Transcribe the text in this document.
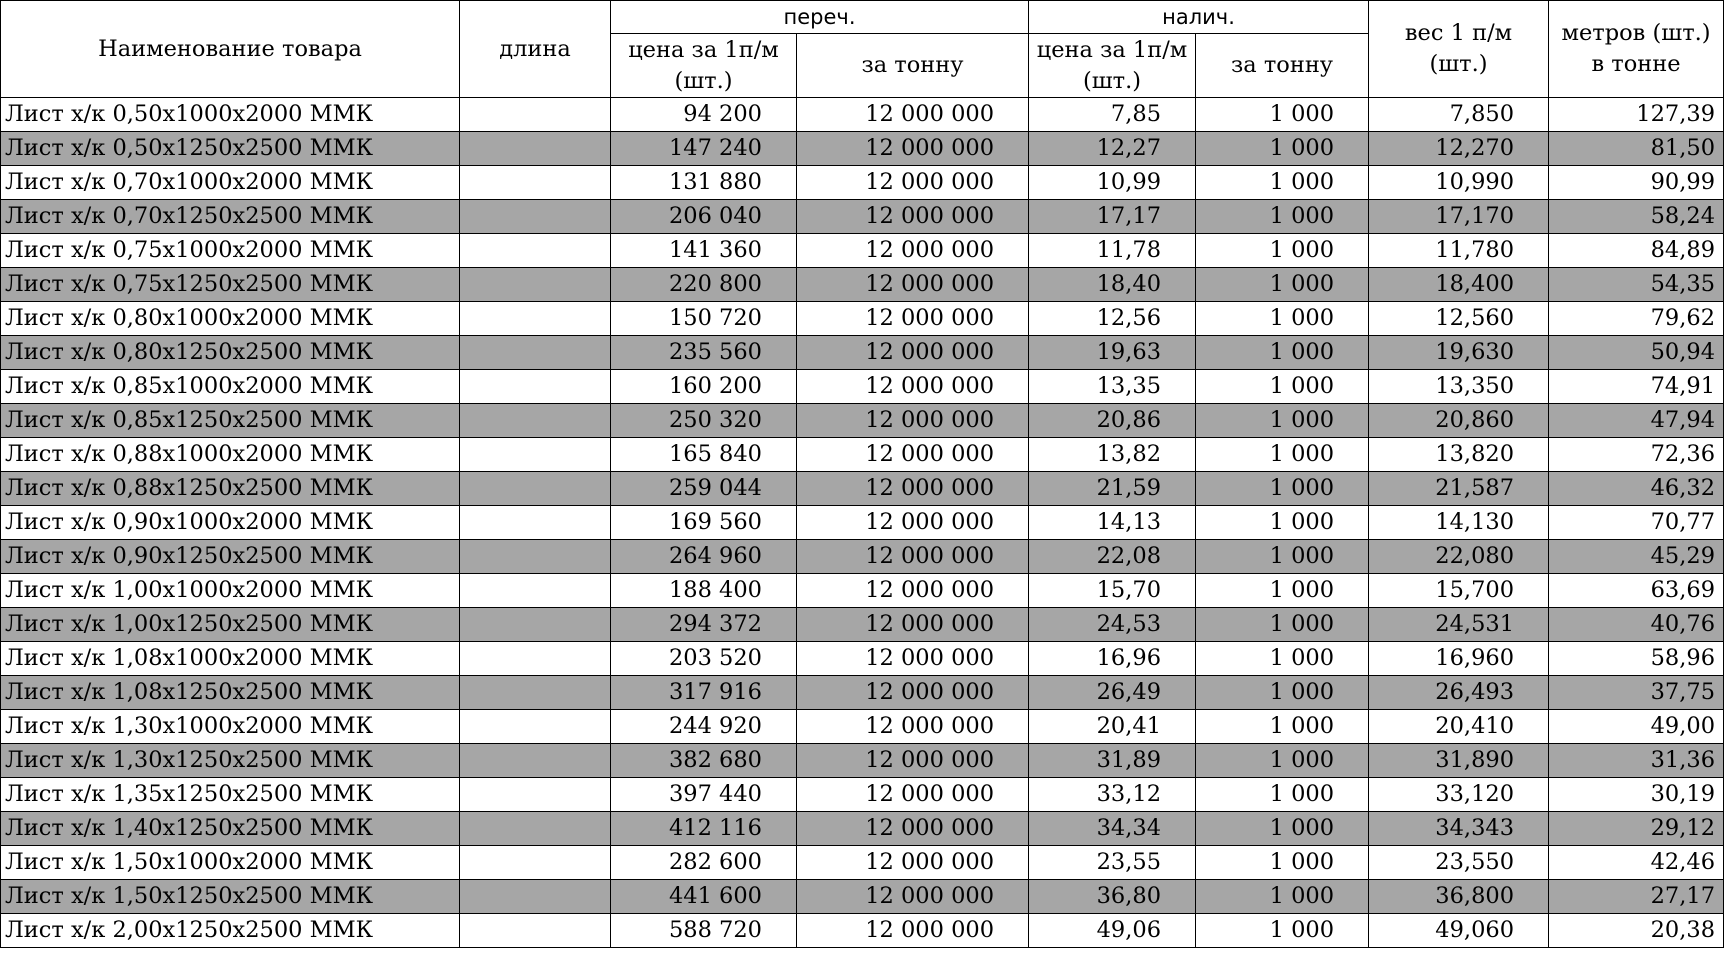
Наименование товара	длина	переч.		налич.		вес 1 п/м (шт.)	метров (шт.) в тонне
		цена за 1п/м (шт.)	за тонну	цена за 1п/м (шт.)	за тонну		
Лист х/к 0,50х1000х2000 ММК		94 200	12 000 000	7,85	1 000	7,850	127,39
Лист х/к 0,50х1250х2500 ММК		147 240	12 000 000	12,27	1 000	12,270	81,50
Лист х/к 0,70х1000х2000 ММК		131 880	12 000 000	10,99	1 000	10,990	90,99
Лист х/к 0,70х1250х2500 ММК		206 040	12 000 000	17,17	1 000	17,170	58,24
Лист х/к 0,75х1000х2000 ММК		141 360	12 000 000	11,78	1 000	11,780	84,89
Лист х/к 0,75х1250х2500 ММК		220 800	12 000 000	18,40	1 000	18,400	54,35
Лист х/к 0,80х1000х2000 ММК		150 720	12 000 000	12,56	1 000	12,560	79,62
Лист х/к 0,80х1250х2500 ММК		235 560	12 000 000	19,63	1 000	19,630	50,94
Лист х/к 0,85х1000х2000 ММК		160 200	12 000 000	13,35	1 000	13,350	74,91
Лист х/к 0,85х1250х2500 ММК		250 320	12 000 000	20,86	1 000	20,860	47,94
Лист х/к 0,88х1000х2000 ММК		165 840	12 000 000	13,82	1 000	13,820	72,36
Лист х/к 0,88х1250х2500 ММК		259 044	12 000 000	21,59	1 000	21,587	46,32
Лист х/к 0,90х1000х2000 ММК		169 560	12 000 000	14,13	1 000	14,130	70,77
Лист х/к 0,90х1250х2500 ММК		264 960	12 000 000	22,08	1 000	22,080	45,29
Лист х/к 1,00х1000х2000 ММК		188 400	12 000 000	15,70	1 000	15,700	63,69
Лист х/к 1,00х1250х2500 ММК		294 372	12 000 000	24,53	1 000	24,531	40,76
Лист х/к 1,08х1000х2000 ММК		203 520	12 000 000	16,96	1 000	16,960	58,96
Лист х/к 1,08х1250х2500 ММК		317 916	12 000 000	26,49	1 000	26,493	37,75
Лист х/к 1,30х1000х2000 ММК		244 920	12 000 000	20,41	1 000	20,410	49,00
Лист х/к 1,30х1250х2500 ММК		382 680	12 000 000	31,89	1 000	31,890	31,36
Лист х/к 1,35х1250х2500 ММК		397 440	12 000 000	33,12	1 000	33,120	30,19
Лист х/к 1,40х1250х2500 ММК		412 116	12 000 000	34,34	1 000	34,343	29,12
Лист х/к 1,50х1000х2000 ММК		282 600	12 000 000	23,55	1 000	23,550	42,46
Лист х/к 1,50х1250х2500 ММК		441 600	12 000 000	36,80	1 000	36,800	27,17
Лист х/к 2,00х1250х2500 ММК		588 720	12 000 000	49,06	1 000	49,060	20,38
